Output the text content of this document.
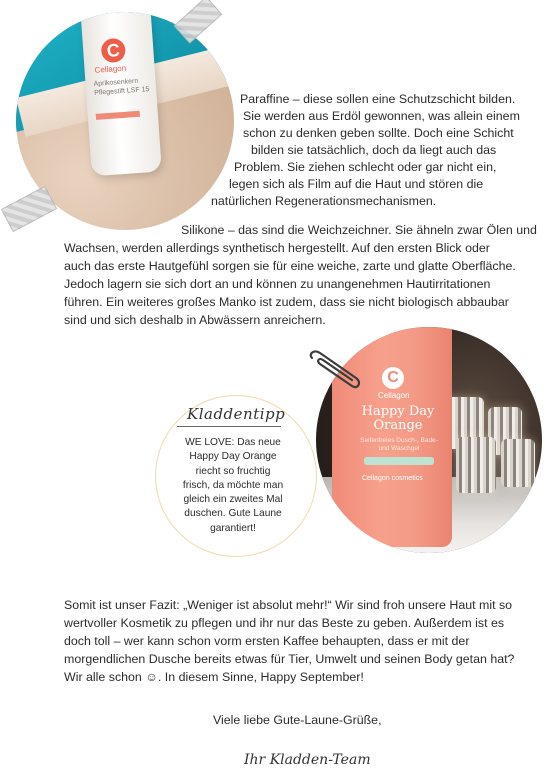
C
Cellagon
Aprikosenkern Pflegestift LSF 15
Paraffine – diese sollen eine Schutzschicht bilden.
Sie werden aus Erdöl gewonnen, was allein einem
schon zu denken geben sollte. Doch eine Schicht
bilden sie tatsächlich, doch da liegt auch das
Problem. Sie ziehen schlecht oder gar nicht ein,
legen sich als Film auf die Haut und stören die
natürlichen Regenerationsmechanismen.
Silikone – das sind die Weichzeichner. Sie ähneln zwar Ölen und
Wachsen, werden allerdings synthetisch hergestellt. Auf den ersten Blick oder
auch das erste Hautgefühl sorgen sie für eine weiche, zarte und glatte Oberfläche.
Jedoch lagern sie sich dort an und können zu unangenehmen Hautirritationen
führen. Ein weiteres großes Manko ist zudem, dass sie nicht biologisch abbaubar
sind und sich deshalb in Abwässern anreichern.
Kladdentipp
WE LOVE: Das neue
Happy Day Orange
riecht so fruchtig
frisch, da möchte man
gleich ein zweites Mal
duschen. Gute Laune
garantiert!
C
Cellagon
Happy Day Orange
Seifenfreies Dusch-, Bade- und Waschgel
Cellagon cosmetics
Somit ist unser Fazit: „Weniger ist absolut mehr!“ Wir sind froh unsere Haut mit so
wertvoller Kosmetik zu pflegen und ihr nur das Beste zu geben. Außerdem ist es
doch toll – wer kann schon vorm ersten Kaffee behaupten, dass er mit der
morgendlichen Dusche bereits etwas für Tier, Umwelt und seinen Body getan hat?
Wir alle schon ☺. In diesem Sinne, Happy September!
Viele liebe Gute-Laune-Grüße,
Ihr Kladden-Team
